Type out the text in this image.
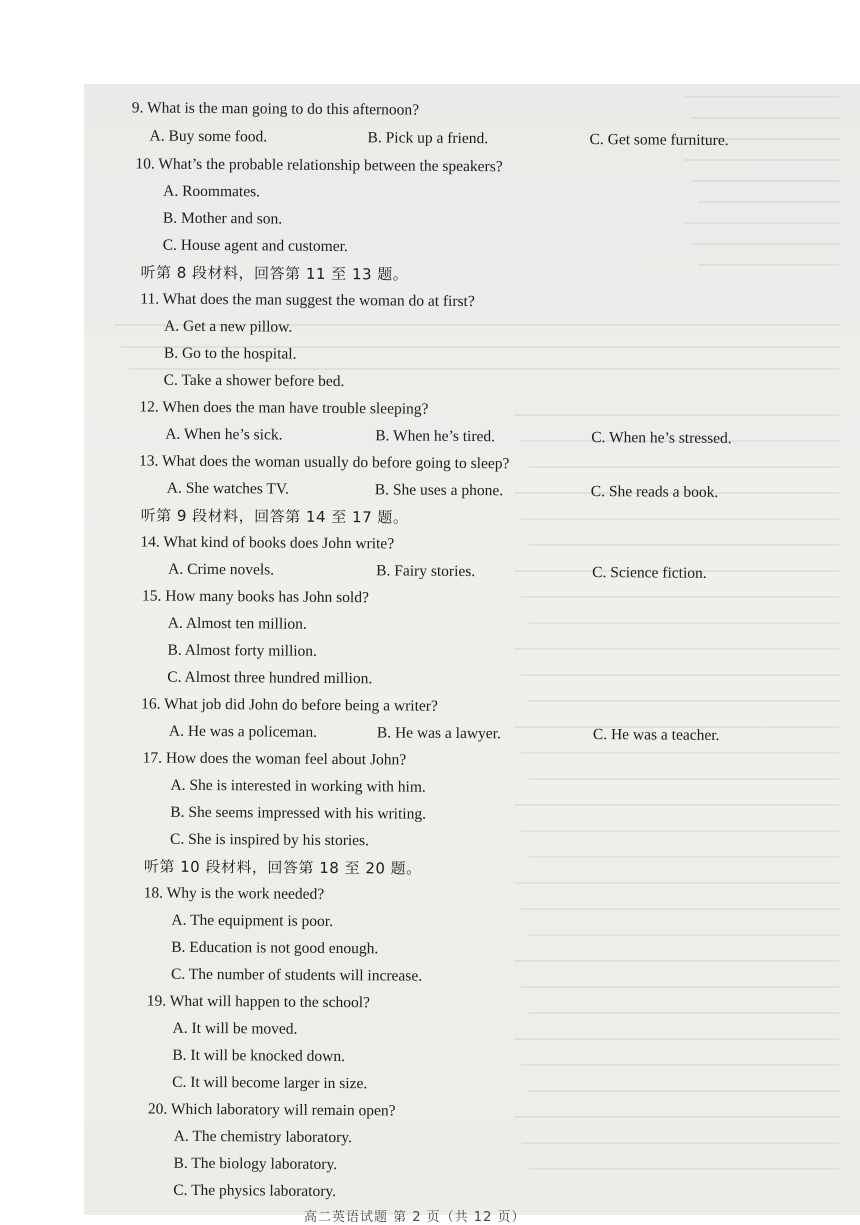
9. What is the man going to do this afternoon?
A. Buy some food.	B. Pick up a friend.	C. Get some furniture.
10. What’s the probable relationship between the speakers?
A. Roommates.
B. Mother and son.
C. House agent and customer.
听第 8 段材料，回答第 11 至 13 题。
11. What does the man suggest the woman do at first?
A. Get a new pillow.
B. Go to the hospital.
C. Take a shower before bed.
12. When does the man have trouble sleeping?
A. When he’s sick.	B. When he’s tired.	C. When he’s stressed.
13. What does the woman usually do before going to sleep?
A. She watches TV.	B. She uses a phone.	C. She reads a book.
听第 9 段材料，回答第 14 至 17 题。
14. What kind of books does John write?
A. Crime novels.	B. Fairy stories.	C. Science fiction.
15. How many books has John sold?
A. Almost ten million.
B. Almost forty million.
C. Almost three hundred million.
16. What job did John do before being a writer?
A. He was a policeman.	B. He was a lawyer.	C. He was a teacher.
17. How does the woman feel about John?
A. She is interested in working with him.
B. She seems impressed with his writing.
C. She is inspired by his stories.
听第 10 段材料，回答第 18 至 20 题。
18. Why is the work needed?
A. The equipment is poor.
B. Education is not good enough.
C. The number of students will increase.
19. What will happen to the school?
A. It will be moved.
B. It will be knocked down.
C. It will become larger in size.
20. Which laboratory will remain open?
A. The chemistry laboratory.
B. The biology laboratory.
C. The physics laboratory.
高二英语试题 第 2 页（共 12 页）
